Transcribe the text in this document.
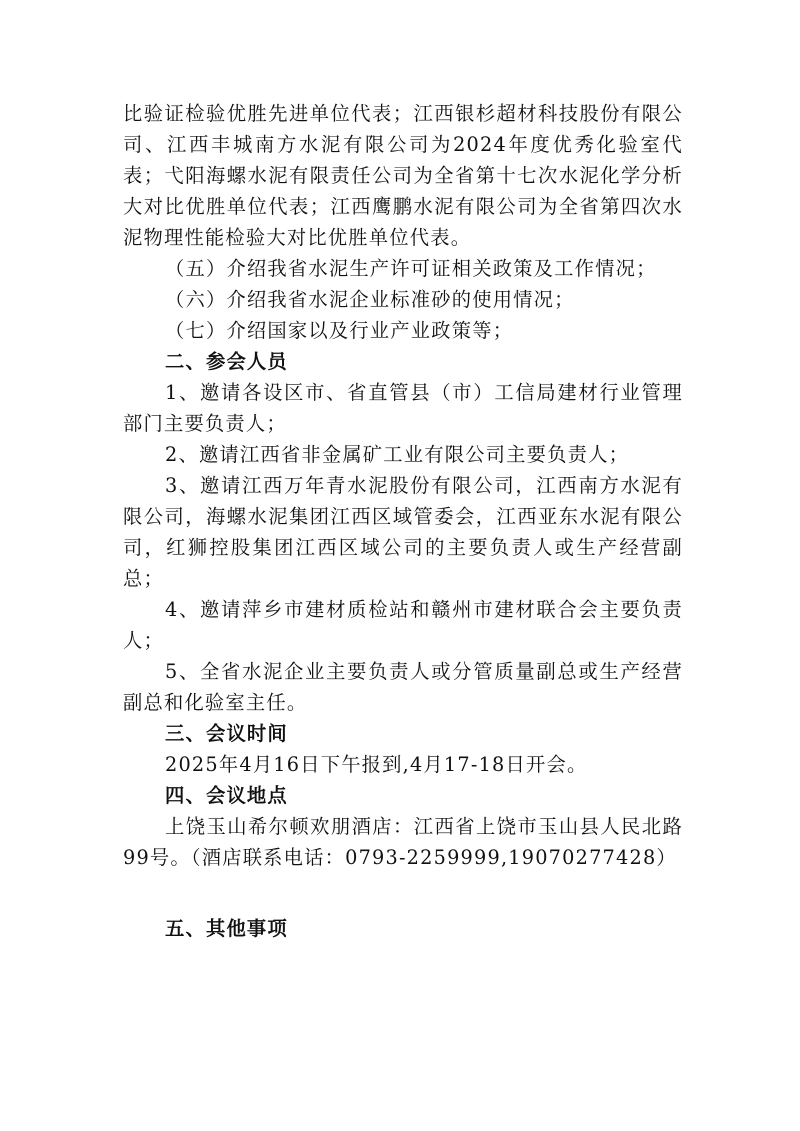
比验证检验优胜先进单位代表；江西银杉超材科技股份有限公司、江西丰城南方水泥有限公司为2024年度优秀化验室代表；弋阳海螺水泥有限责任公司为全省第十七次水泥化学分析大对比优胜单位代表；江西鹰鹏水泥有限公司为全省第四次水泥物理性能检验大对比优胜单位代表。

（五）介绍我省水泥生产许可证相关政策及工作情况；

（六）介绍我省水泥企业标准砂的使用情况；

（七）介绍国家以及行业产业政策等；

二、参会人员

1、邀请各设区市、省直管县（市）工信局建材行业管理部门主要负责人；

2、邀请江西省非金属矿工业有限公司主要负责人；

3、邀请江西万年青水泥股份有限公司，江西南方水泥有限公司，海螺水泥集团江西区域管委会，江西亚东水泥有限公司，红狮控股集团江西区域公司的主要负责人或生产经营副总；

4、邀请萍乡市建材质检站和赣州市建材联合会主要负责人；

5、全省水泥企业主要负责人或分管质量副总或生产经营副总和化验室主任。

三、会议时间

2025年4月16日下午报到,4月17-18日开会。

四、会议地点

上饶玉山希尔顿欢朋酒店：江西省上饶市玉山县人民北路99号。（酒店联系电话：0793-2259999,19070277428）

五、其他事项
